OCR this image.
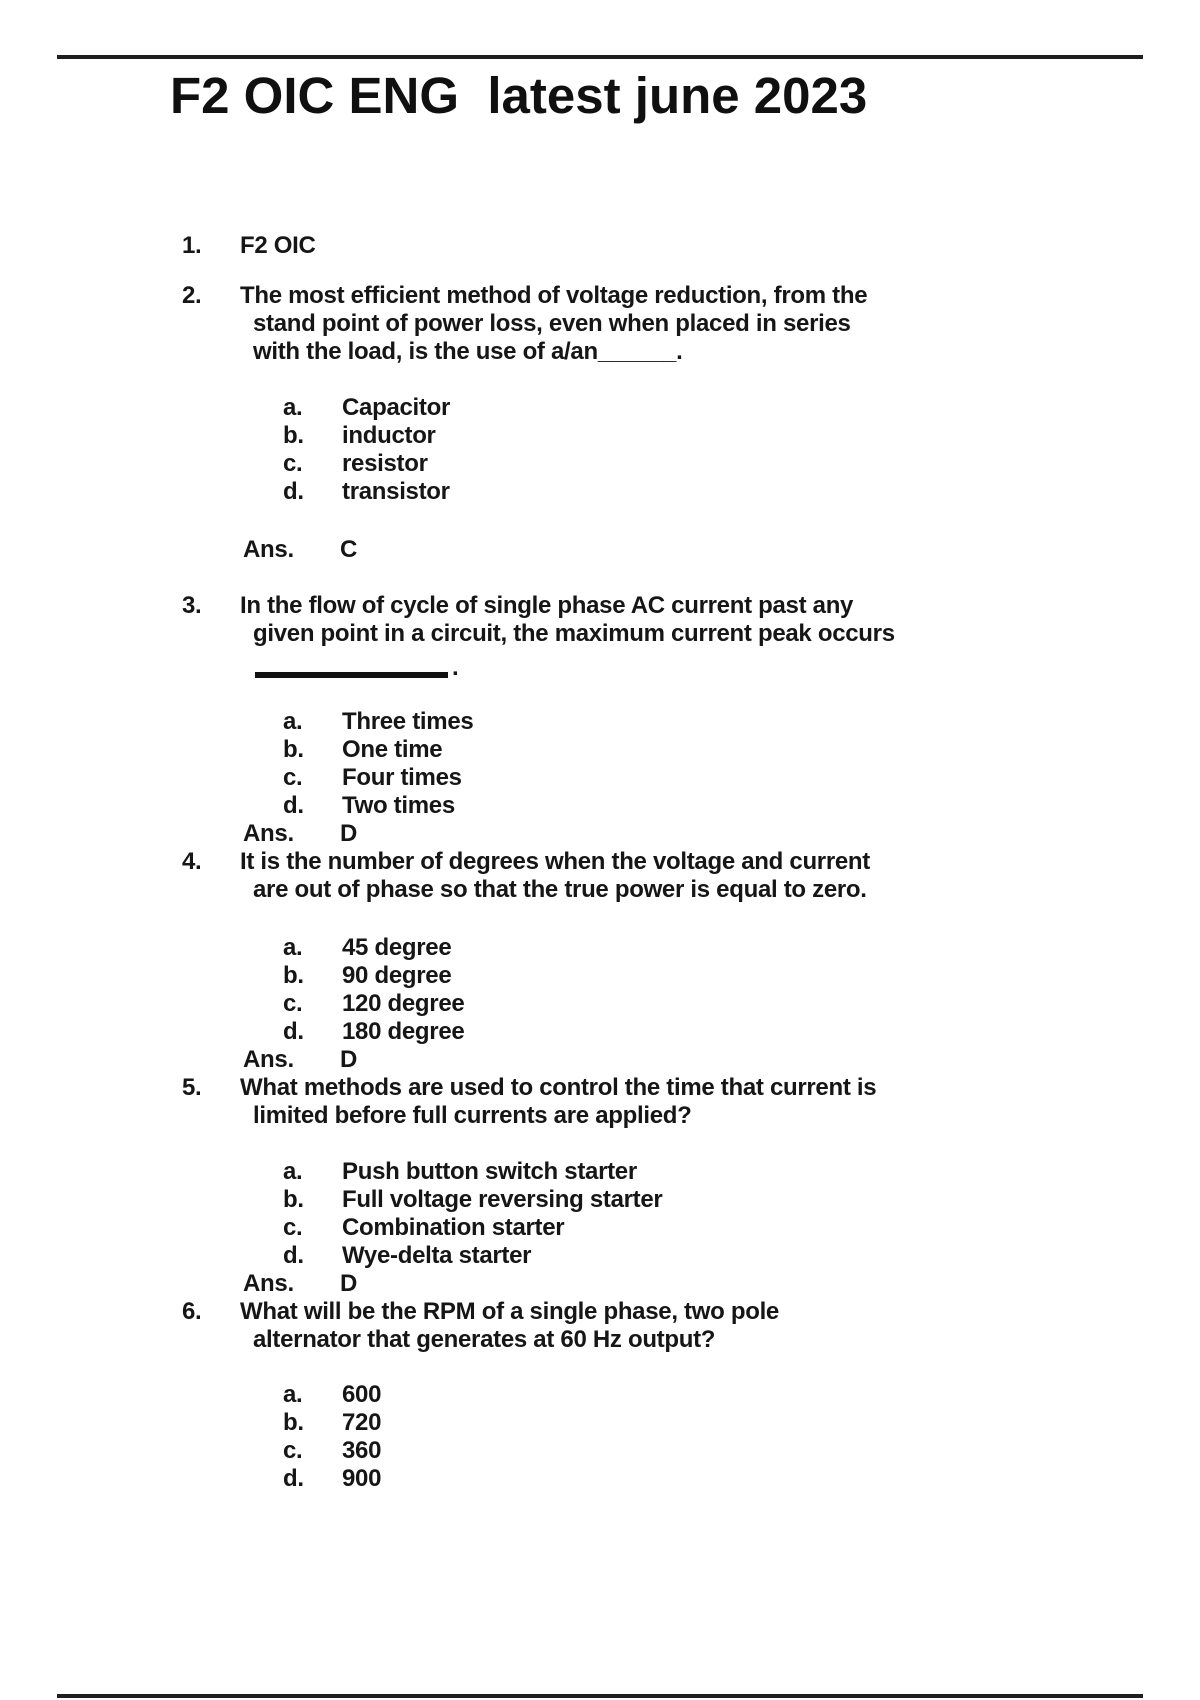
F2 OIC ENG  latest june 2023
1. F2 OIC
2. The most efficient method of voltage reduction, from the
stand point of power loss, even when placed in series
with the load, is the use of a/an______.
a. Capacitor
b. inductor
c. resistor
d. transistor
Ans. C
3. In the flow of cycle of single phase AC current past any
given point in a circuit, the maximum current peak occurs
.
a. Three times
b. One time
c. Four times
d. Two times
Ans. D
4. It is the number of degrees when the voltage and current
are out of phase so that the true power is equal to zero.
a. 45 degree
b. 90 degree
c. 120 degree
d. 180 degree
Ans. D
5. What methods are used to control the time that current is
limited before full currents are applied?
a. Push button switch starter
b. Full voltage reversing starter
c. Combination starter
d. Wye-delta starter
Ans. D
6. What will be the RPM of a single phase, two pole
alternator that generates at 60 Hz output?
a. 600
b. 720
c. 360
d. 900
